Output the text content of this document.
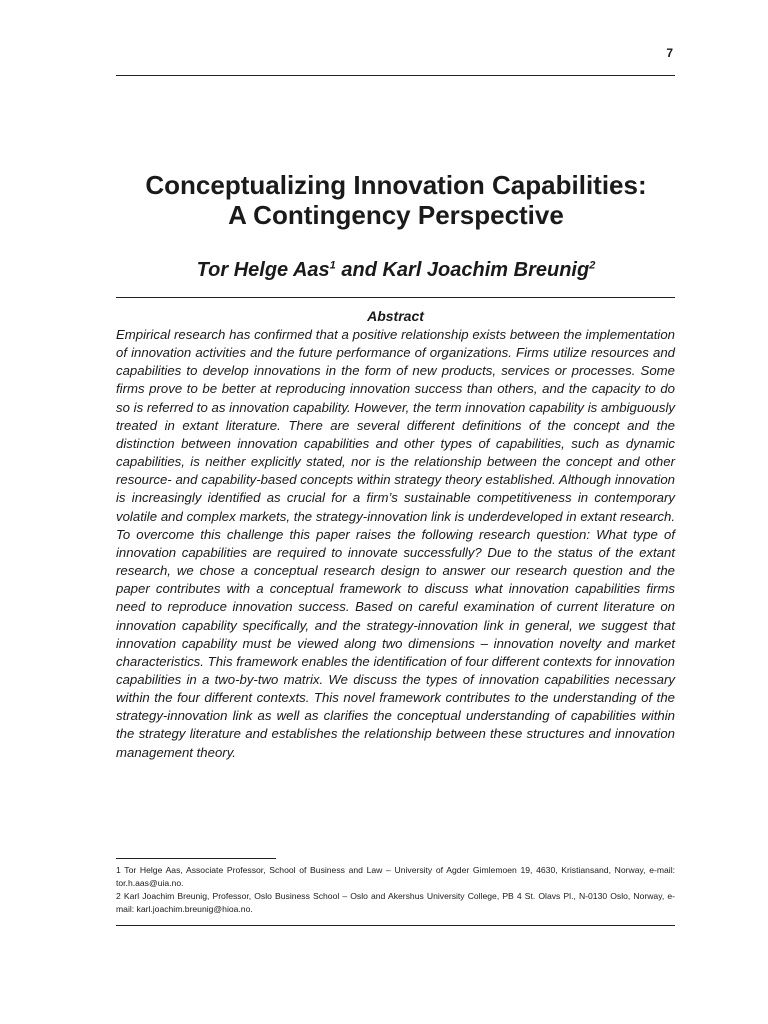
7
Conceptualizing Innovation Capabilities:
A Contingency Perspective
Tor Helge Aas$^1$ and Karl Joachim Breunig$^2$
Abstract

Empirical research has confirmed that a positive relationship exists between the implementation of innovation activities and the future performance of organizations. Firms utilize resources and capabilities to develop innovations in the form of new products, services or processes. Some firms prove to be better at reproducing innovation success than others, and the capacity to do so is referred to as innovation capability. However, the term innovation capability is ambiguously treated in extant literature. There are several different definitions of the concept and the distinction between innovation capabilities and other types of capabilities, such as dynamic capabilities, is neither explicitly stated, nor is the relationship between the concept and other resource- and capability-based concepts within strategy theory established. Although innovation is increasingly identified as crucial for a firm’s sustainable competitiveness in contemporary volatile and complex markets, the strategy-innovation link is underdeveloped in extant research. To overcome this challenge this paper raises the following research question: What type of innovation capabilities are required to innovate successfully? Due to the status of the extant research, we chose a conceptual research design to answer our research question and the paper contributes with a conceptual framework to discuss what innovation capabilities firms need to reproduce innovation success. Based on careful examination of current literature on innovation capability specifically, and the strategy-innovation link in general, we suggest that innovation capability must be viewed along two dimensions – innovation novelty and market characteristics. This framework enables the identification of four different contexts for innovation capabilities in a two-by-two matrix. We discuss the types of innovation capabilities necessary within the four different contexts. This novel framework contributes to the understanding of the strategy-innovation link as well as clarifies the conceptual understanding of capabilities within the strategy literature and establishes the relationship between these structures and innovation management theory.

1 Tor Helge Aas, Associate Professor, School of Business and Law – University of Agder Gimlemoen 19, 4630, Kristiansand, Norway, e-mail: tor.h.aas@uia.no.

2 Karl Joachim Breunig, Professor, Oslo Business School – Oslo and Akershus University College, PB 4 St. Olavs Pl., N-0130 Oslo, Norway, e-mail: karl.joachim.breunig@hioa.no.
